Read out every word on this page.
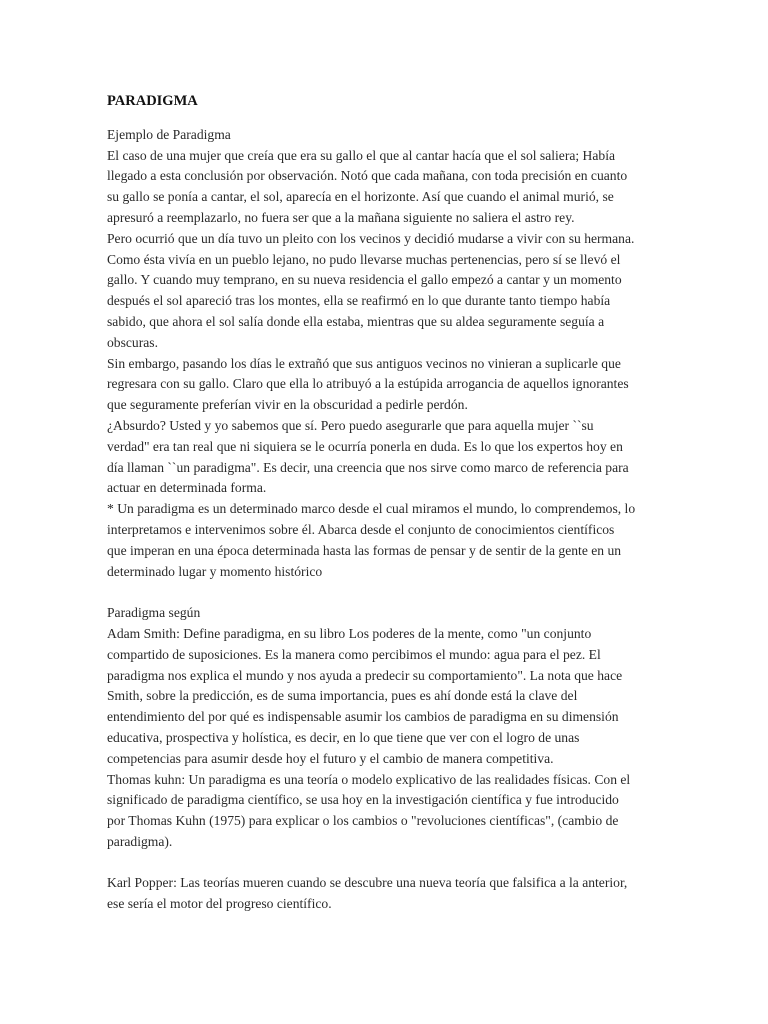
PARADIGMA

Ejemplo de Paradigma

El caso de una mujer que creía que era su gallo el que al cantar hacía que el sol saliera; Había llegado a esta conclusión por observación. Notó que cada mañana, con toda precisión en cuanto su gallo se ponía a cantar, el sol, aparecía en el horizonte. Así que cuando el animal murió, se apresuró a reemplazarlo, no fuera ser que a la mañana siguiente no saliera el astro rey.

Pero ocurrió que un día tuvo un pleito con los vecinos y decidió mudarse a vivir con su hermana. Como ésta vivía en un pueblo lejano, no pudo llevarse muchas pertenencias, pero sí se llevó el gallo. Y cuando muy temprano, en su nueva residencia el gallo empezó a cantar y un momento después el sol apareció tras los montes, ella se reafirmó en lo que durante tanto tiempo había sabido, que ahora el sol salía donde ella estaba, mientras que su aldea seguramente seguía a obscuras.

Sin embargo, pasando los días le extrañó que sus antiguos vecinos no vinieran a suplicarle que regresara con su gallo. Claro que ella lo atribuyó a la estúpida arrogancia de aquellos ignorantes que seguramente preferían vivir en la obscuridad a pedirle perdón.

¿Absurdo? Usted y yo sabemos que sí. Pero puedo asegurarle que para aquella mujer ``su verdad" era tan real que ni siquiera se le ocurría ponerla en duda. Es lo que los expertos hoy en día llaman ``un paradigma". Es decir, una creencia que nos sirve como marco de referencia para actuar en determinada forma.

* Un paradigma es un determinado marco desde el cual miramos el mundo, lo comprendemos, lo interpretamos e intervenimos sobre él. Abarca desde el conjunto de conocimientos científicos que imperan en una época determinada hasta las formas de pensar y de sentir de la gente en un determinado lugar y momento histórico

Paradigma según

Adam Smith: Define paradigma, en su libro Los poderes de la mente, como "un conjunto compartido de suposiciones. Es la manera como percibimos el mundo: agua para el pez. El paradigma nos explica el mundo y nos ayuda a predecir su comportamiento". La nota que hace Smith, sobre la predicción, es de suma importancia, pues es ahí donde está la clave del entendimiento del por qué es indispensable asumir los cambios de paradigma en su dimensión educativa, prospectiva y holística, es decir, en lo que tiene que ver con el logro de unas competencias para asumir desde hoy el futuro y el cambio de manera competitiva.

Thomas kuhn: Un paradigma es una teoría o modelo explicativo de las realidades físicas. Con el significado de paradigma científico, se usa hoy en la investigación científica y fue introducido por Thomas Kuhn (1975) para explicar o los cambios o "revoluciones científicas", (cambio de paradigma).

Karl Popper: Las teorías mueren cuando se descubre una nueva teoría que falsifica a la anterior, ese sería el motor del progreso científico.
